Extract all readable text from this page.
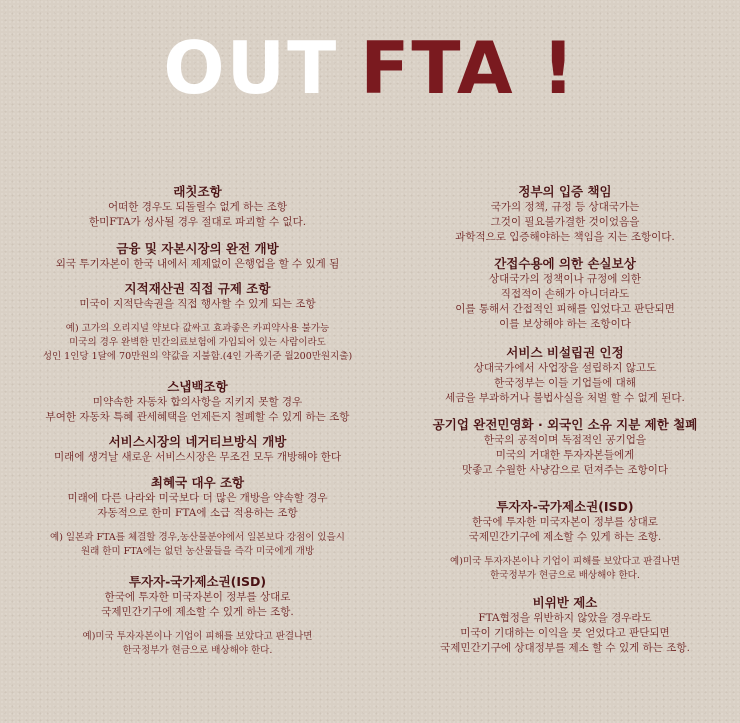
OUT FTA !
래칫조항
어떠한 경우도 되돌릴수 없게 하는 조항
한미FTA가 성사될 경우 절대로 파괴할 수 없다.
금융 및 자본시장의 완전 개방
외국 투기자본이 한국 내에서 제제없이 은행업을 할 수 있게 됨
지적재산권 직접 규제 조항
미국이 지적단속권을 직접 행사할 수 있게 되는 조항
예) 고가의 오리지널 약보다 값싸고 효과좋은 카피약사용 불가능
미국의 경우 완벽한 민간의료보험에 가입되어 있는 사람이라도
성인 1인당 1달에 70만원의 약값을 지불함.(4인 가족기준 월200만원지출)
스냅백조항
미약속한 자동차 합의사항을 지키지 못할 경우
부여한 자동차 특혜 관세혜택을 언제든지 철폐할 수 있게 하는 조항
서비스시장의 네거티브방식 개방
미래에 생겨날 새로운 서비스시장은 무조건 모두 개방해야 한다
최혜국 대우 조항
미래에 다른 나라와 미국보다 더 많은 개방을 약속할 경우
자동적으로 한미 FTA에 소급 적용하는 조항
예) 일본과 FTA를 체결할 경우,농산물분야에서 일본보다 강점이 있을시
원래 한미 FTA에는 없던 농산물들을 즉각 미국에게 개방
투자자-국가제소권(ISD)
한국에 투자한 미국자본이 정부를 상대로
국제민간기구에 제소할 수 있게 하는 조항.
예)미국 투자자본이나 기업이 피해를 보았다고 판결나면
한국정부가 현금으로 배상해야 한다.
정부의 입증 책임
국가의 정책, 규정 등 상대국가는
그것이 필요불가결한 것이었음을
과학적으로 입증해야하는 책임을 지는 조항이다.
간접수용에 의한 손실보상
상대국가의 정책이나 규정에 의한
직접적이 손해가 아니더라도
이를 통해서 간접적인 피해를 입었다고 판단되면
이를 보상해야 하는 조항이다
서비스 비설립권 인정
상대국가에서 사업장을 설립하지 않고도
한국정부는 이들 기업들에 대해
세금을 부과하거나 불법사실을 처벌 할 수 없게 된다.
공기업 완전민영화 · 외국인 소유 지분 제한 철폐
한국의 공적이며 독점적인 공기업을
미국의 거대한 투자자본들에게
맛좋고 수월한 사냥감으로 던져주는 조항이다
투자자-국가제소권(ISD)
한국에 투자한 미국자본이 정부를 상대로
국제민간기구에 제소할 수 있게 하는 조항.
예)미국 투자자본이나 기업이 피해를 보았다고 판결나면
한국정부가 현금으로 배상해야 한다.
비위반 제소
FTA협정을 위반하지 않았을 경우라도
미국이 기대하는 이익을 못 얻었다고 판단되면
국제민간기구에 상대정부를 제소 할 수 있게 하는 조항.
